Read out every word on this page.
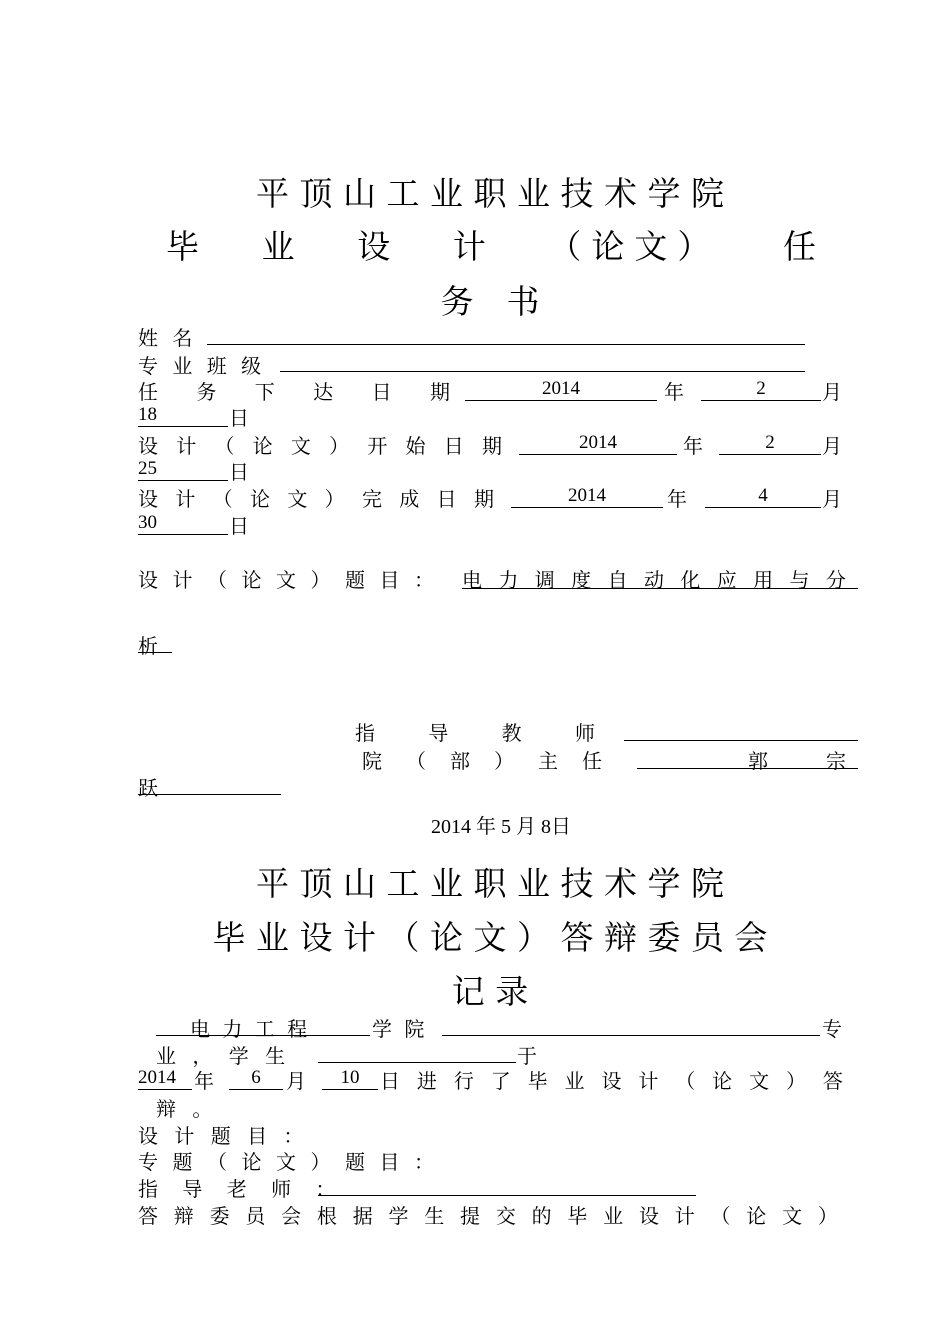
平 顶 山 工 业 职 业 技 术 学 院
毕 业 设 计 （论文） 任
务　书
姓 名
专 业 班 级
任 务 下 达 日 期	2014	年	2	月
18	日
设 计 （ 论 文 ） 开 始 日 期	2014	年	2	月
25	日
设 计 （ 论 文 ） 完 成 日 期	2014	年	4	月
30	日
设 计 （ 论 文 ） 题 目 ： 电 力 调 度 自 动 化 应 用 与 分
析
指	导	教	师
院 （ 部 ） 主 任	郭	宗
跃
2014 年 5 月 8日
平 顶 山 工 业 职 业 技 术 学 院
毕 业 设 计 （ 论 文 ） 答 辩 委 员 会
记 录
电 力 工 程	学 院	专
业 ， 学 生	于
2014 年	6	月	10	日 进 行 了 毕 业 设 计 （ 论 文 ） 答
辩 。
设 计 题 目 ：
专 题 （ 论 文 ） 题 目 ：
指 导 老 师 ：
答 辩 委 员 会 根 据 学 生 提 交 的 毕 业 设 计 （ 论 文 ）
